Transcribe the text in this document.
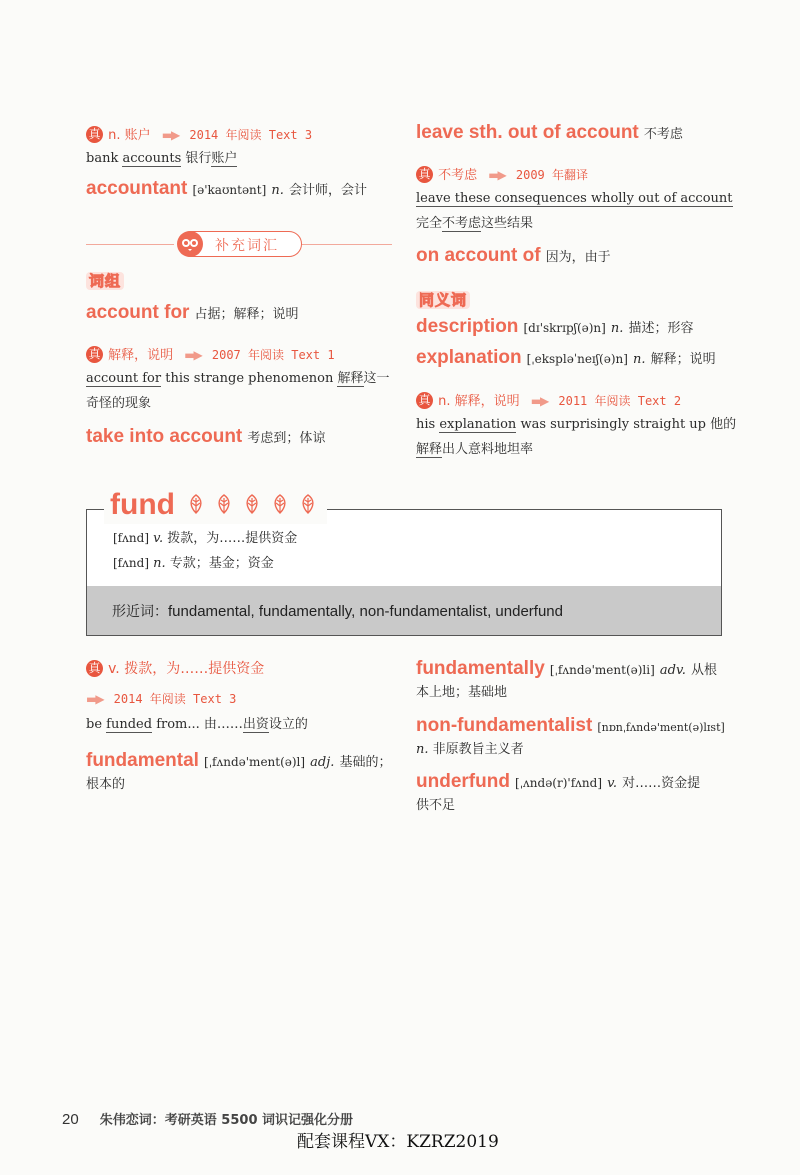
真 n. 账户 ▬▶ 2014 年阅读 Text 3
bank accounts 银行账户
accountant [ə'kaʊntənt] n. 会计师，会计
补充词汇
词组
account for 占据；解释；说明
真 解释，说明 ▬▶ 2007 年阅读 Text 1
account for this strange phenomenon 解释这一
奇怪的现象
take into account 考虑到；体谅
leave sth. out of account 不考虑
真 不考虑 ▬▶ 2009 年翻译
leave these consequences wholly out of account
完全不考虑这些结果
on account of 因为，由于
同义词
description [dɪ'skrɪpʃ(ə)n] n. 描述；形容
explanation [ˌekspləˈneɪʃ(ə)n] n. 解释；说明
真 n. 解释，说明 ▬▶ 2011 年阅读 Text 2
his explanation was surprisingly straight up 他的
解释出人意料地坦率
[fʌnd] v. 拨款，为……提供资金
[fʌnd] n. 专款；基金；资金
形近词：fundamental, fundamentally, non-fundamentalist, underfund
fund
真 v. 拨款，为……提供资金
▬▶ 2014 年阅读 Text 3
be funded from... 由……出资设立的
fundamental [ˌfʌndə'ment(ə)l] adj. 基础的；
根本的
fundamentally [ˌfʌndə'ment(ə)li] adv. 从根
本上地；基础地
non-fundamentalist [nɒnˌfʌndə'ment(ə)lɪst]
n. 非原教旨主义者
underfund [ˌʌndə(r)'fʌnd] v. 对……资金提
供不足
20 朱伟恋词：考研英语 5500 词识记强化分册
配套课程VX：KZRZ2019
